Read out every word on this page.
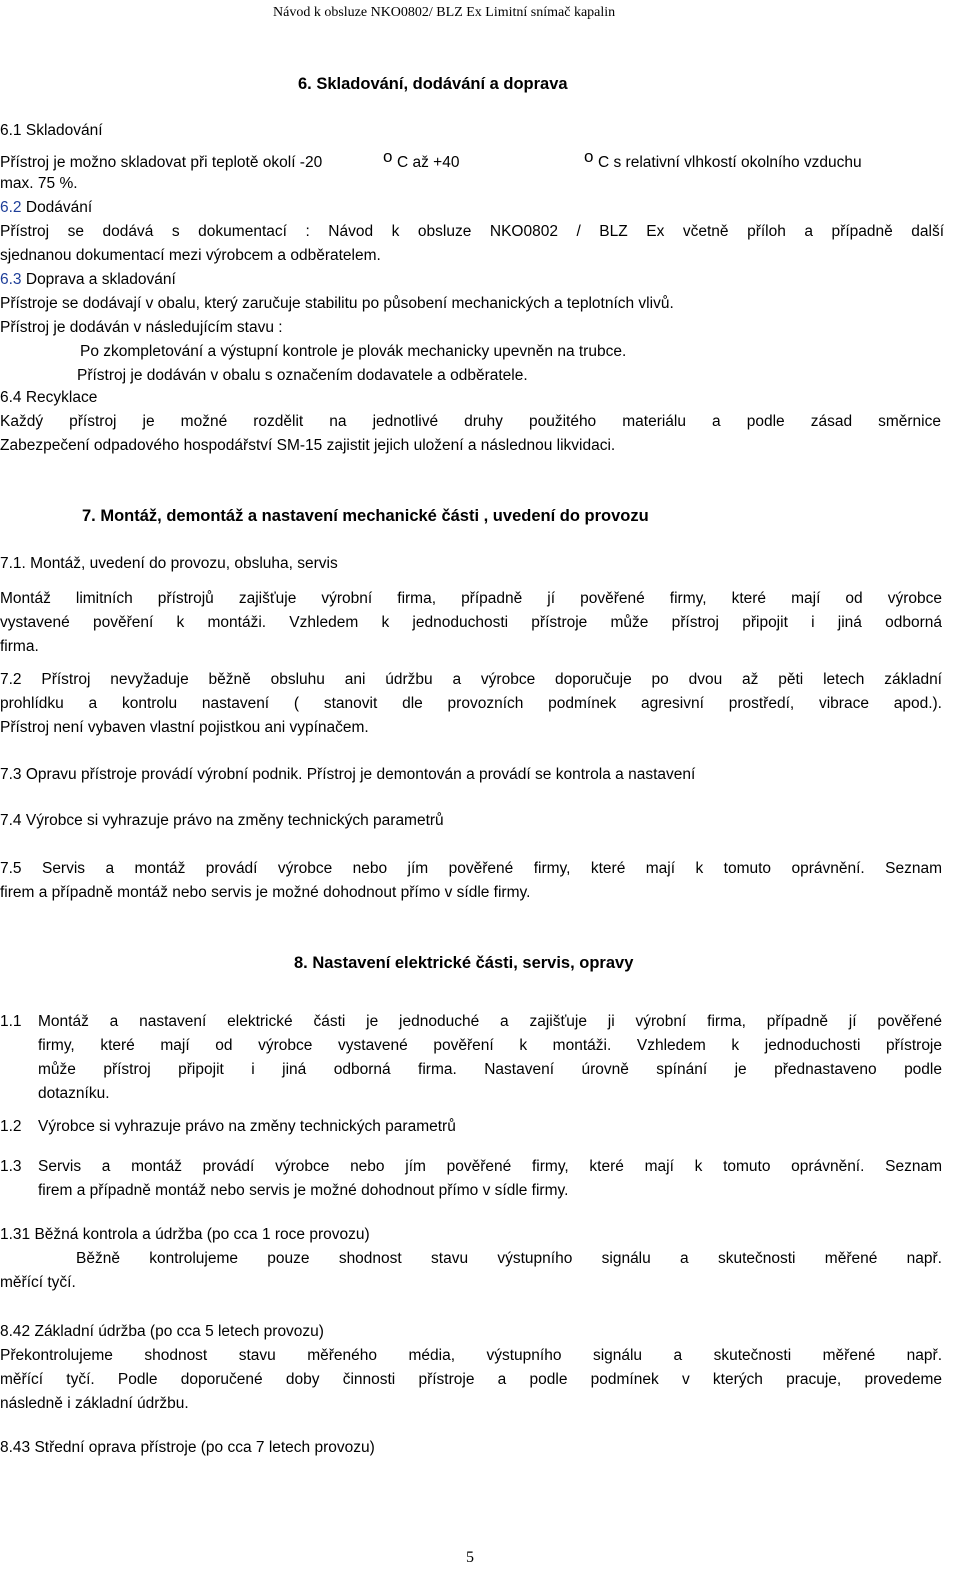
Návod k obsluze NKO0802/ BLZ Ex Limitní snímač kapalin
6. Skladování, dodávání a doprava
6.1 Skladování
Přístroj je možno skladovat při teplotě okolí -20	o C až +40	o C s relativní vlhkostí okolního vzduchu
max. 75 %.
6.2 Dodávání
Přístroj se dodává s dokumentací : Návod k obsluze NKO0802 / BLZ Ex včetně příloh a případně další
sjednanou dokumentací mezi výrobcem a odběratelem.
6.3 Doprava a skladování
Přístroje se dodávají v obalu, který zaručuje stabilitu po působení mechanických a teplotních vlivů.
Přístroj je dodáván v následujícím stavu :
Po zkompletování a výstupní kontrole je plovák mechanicky upevněn na trubce.
Přístroj je dodáván v obalu s označením dodavatele a odběratele.
6.4 Recyklace
Každý přístroj je možné rozdělit na jednotlivé druhy použitého materiálu a podle zásad směrnice
Zabezpečení odpadového hospodářství SM-15 zajistit jejich uložení a následnou likvidaci.
7. Montáž, demontáž a nastavení mechanické části , uvedení do provozu
7.1. Montáž, uvedení do provozu, obsluha, servis
Montáž limitních přístrojů zajišťuje výrobní firma, případně jí pověřené firmy, které mají od výrobce
vystavené pověření k montáži. Vzhledem k jednoduchosti přístroje může přístroj připojit i jiná odborná
firma.
7.2 Přístroj nevyžaduje běžně obsluhu ani údržbu a výrobce doporučuje po dvou až pěti letech základní
prohlídku a kontrolu nastavení ( stanovit dle provozních podmínek agresivní prostředí, vibrace apod.).
Přístroj není vybaven vlastní pojistkou ani vypínačem.
7.3 Opravu přístroje provádí výrobní podnik. Přístroj je demontován a provádí se kontrola a nastavení
7.4 Výrobce si vyhrazuje právo na změny technických parametrů
7.5 Servis a montáž provádí výrobce nebo jím pověřené firmy, které mají k tomuto oprávnění. Seznam
firem a případně montáž nebo servis je možné dohodnout přímo v sídle firmy.
8. Nastavení elektrické části, servis, opravy
1.1 Montáž a nastavení elektrické části je jednoduché a zajišťuje ji výrobní firma, případně jí pověřené
firmy, které mají od výrobce vystavené pověření k montáži. Vzhledem k jednoduchosti přístroje
může přístroj připojit i jiná odborná firma. Nastavení úrovně spínání je přednastaveno podle
dotazníku.
1.2 Výrobce si vyhrazuje právo na změny technických parametrů
1.3 Servis a montáž provádí výrobce nebo jím pověřené firmy, které mají k tomuto oprávnění. Seznam
firem a případně montáž nebo servis je možné dohodnout přímo v sídle firmy.
1.31 Běžná kontrola a údržba (po cca 1 roce provozu)
Běžně kontrolujeme pouze shodnost stavu výstupního signálu a skutečnosti měřené např.
měřící tyčí.
8.42 Základní údržba (po cca 5 letech provozu)
Překontrolujeme shodnost stavu měřeného média, výstupního signálu a skutečnosti měřené např.
měřící tyčí. Podle doporučené doby činnosti přístroje a podle podmínek v kterých pracuje, provedeme
následně i základní údržbu.
8.43 Střední oprava přístroje (po cca 7 letech provozu)
5
